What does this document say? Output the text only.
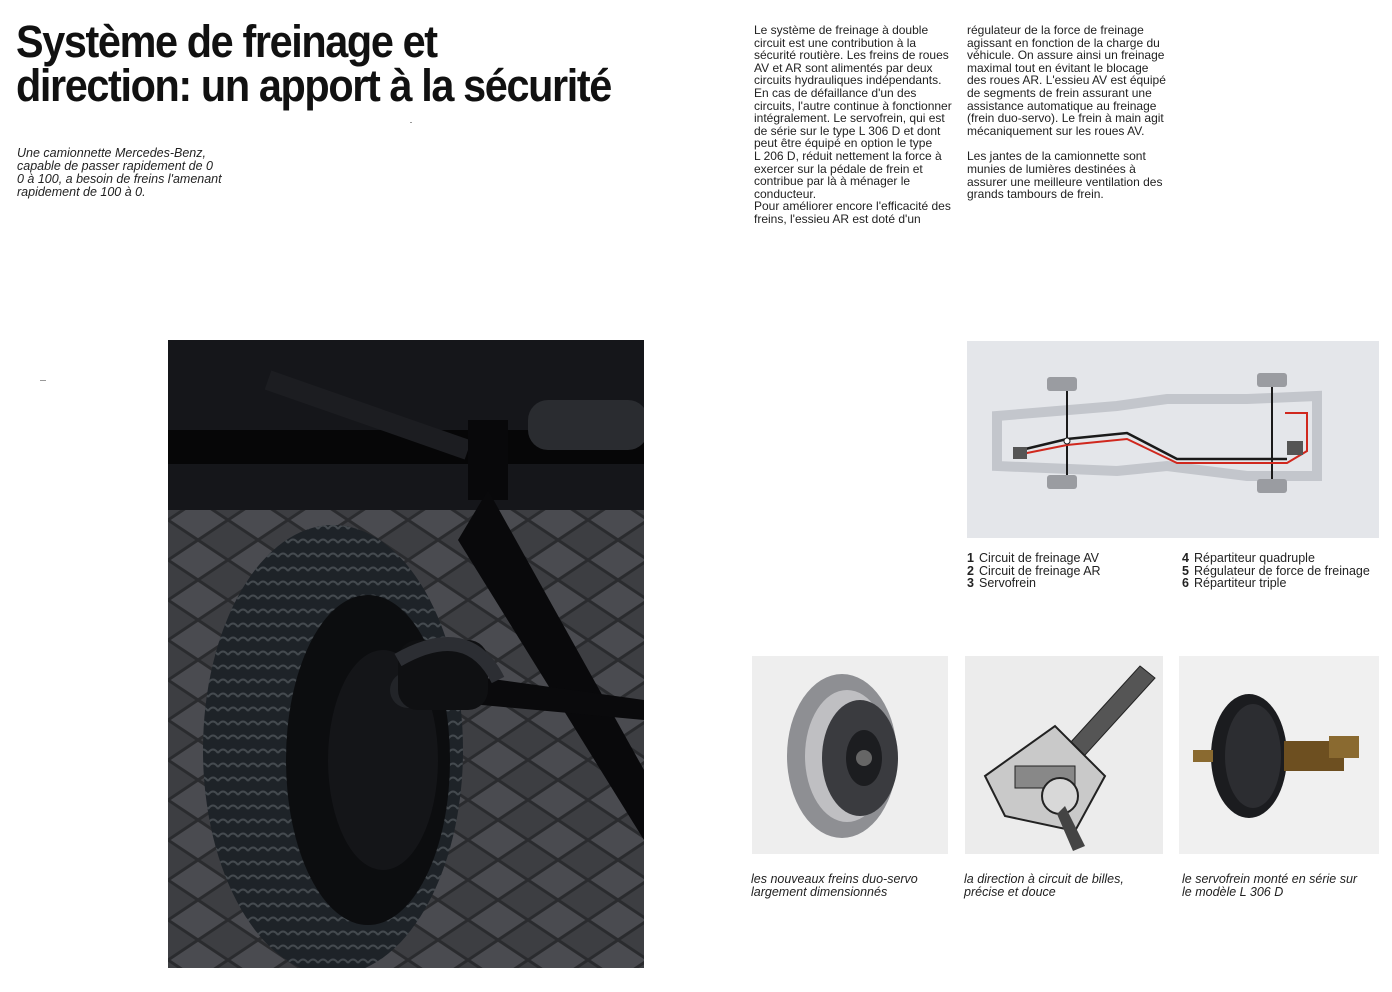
Système de freinage et
direction: un apport à la sécurité
Une camionnette Mercedes-Benz,
capable de passer rapidement de 0
0 à 100, a besoin de freins l'amenant
rapidement de 100 à 0.
Le système de freinage à double
circuit est une contribution à la
sécurité routière. Les freins de roues
AV et AR sont alimentés par deux
circuits hydrauliques indépendants.
En cas de défaillance d'un des
circuits, l'autre continue à fonctionner
intégralement. Le servofrein, qui est
de série sur le type L 306 D et dont
peut être équipé en option le type
L 206 D, réduit nettement la force à
exercer sur la pédale de frein et
contribue par là à ménager le
conducteur.
Pour améliorer encore l'efficacité des
freins, l'essieu AR est doté d'un
régulateur de la force de freinage
agissant en fonction de la charge du
véhicule. On assure ainsi un freinage
maximal tout en évitant le blocage
des roues AR. L'essieu AV est équipé
de segments de frein assurant une
assistance automatique au freinage
(frein duo-servo). Le frein à main agit
mécaniquement sur les roues AV.
Les jantes de la camionnette sont
munies de lumières destinées à
assurer une meilleure ventilation des
grands tambours de frein.
1 Circuit de freinage AV
2 Circuit de freinage AR
3 Servofrein
4 Répartiteur quadruple
5 Régulateur de force de freinage
6 Répartiteur triple
les nouveaux freins duo-servo
largement dimensionnés
la direction à circuit de billes,
précise et douce
le servofrein monté en série sur
le modèle L 306 D
